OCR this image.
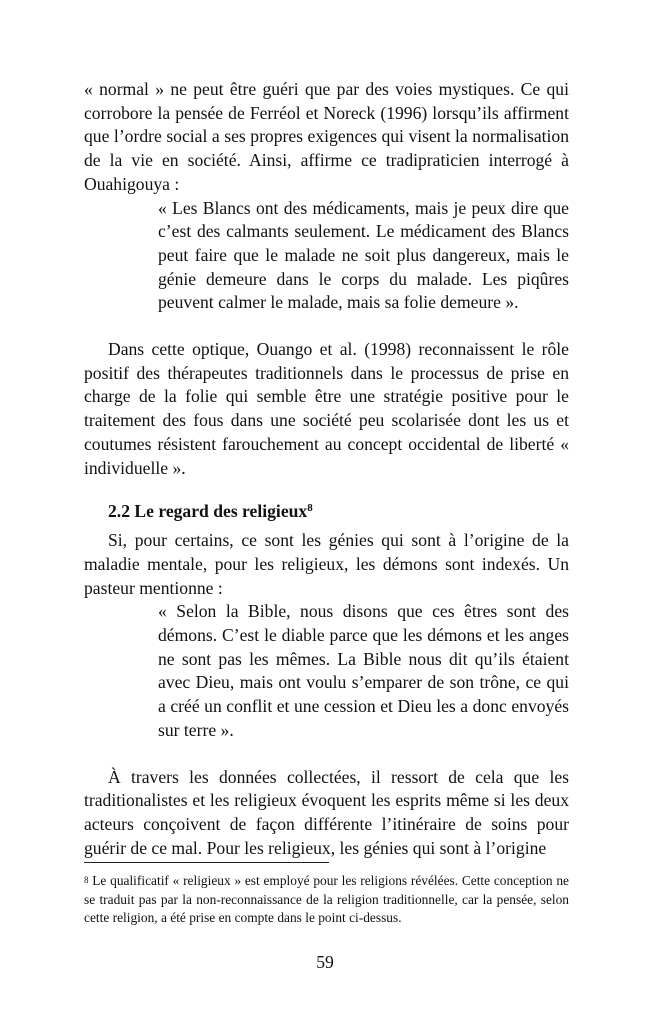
« normal » ne peut être guéri que par des voies mystiques. Ce qui corrobore la pensée de Ferréol et Noreck (1996) lorsqu’ils affirment que l’ordre social a ses propres exigences qui visent la normalisation de la vie en société. Ainsi, affirme ce tradipraticien interrogé à Ouahigouya :

« Les Blancs ont des médicaments, mais je peux dire que c’est des calmants seulement. Le médicament des Blancs peut faire que le malade ne soit plus dangereux, mais le génie demeure dans le corps du malade. Les piqûres peuvent calmer le malade, mais sa folie demeure ».

Dans cette optique, Ouango et al. (1998) reconnaissent le rôle positif des thérapeutes traditionnels dans le processus de prise en charge de la folie qui semble être une stratégie positive pour le traitement des fous dans une société peu scolarisée dont les us et coutumes résistent farouchement au concept occidental de liberté « individuelle ».

2.2 Le regard des religieux$^8$

Si, pour certains, ce sont les génies qui sont à l’origine de la maladie mentale, pour les religieux, les démons sont indexés. Un pasteur mentionne :

« Selon la Bible, nous disons que ces êtres sont des démons. C’est le diable parce que les démons et les anges ne sont pas les mêmes. La Bible nous dit qu’ils étaient avec Dieu, mais ont voulu s’emparer de son trône, ce qui a créé un conflit et une cession et Dieu les a donc envoyés sur terre ».

À travers les données collectées, il ressort de cela que les traditionalistes et les religieux évoquent les esprits même si les deux acteurs conçoivent de façon différente l’itinéraire de soins pour guérir de ce mal. Pour les religieux, les génies qui sont à l’origine

$^8$ Le qualificatif « religieux » est employé pour les religions révélées. Cette conception ne se traduit pas par la non-reconnaissance de la religion traditionnelle, car la pensée, selon cette religion, a été prise en compte dans le point ci-dessus.
59
